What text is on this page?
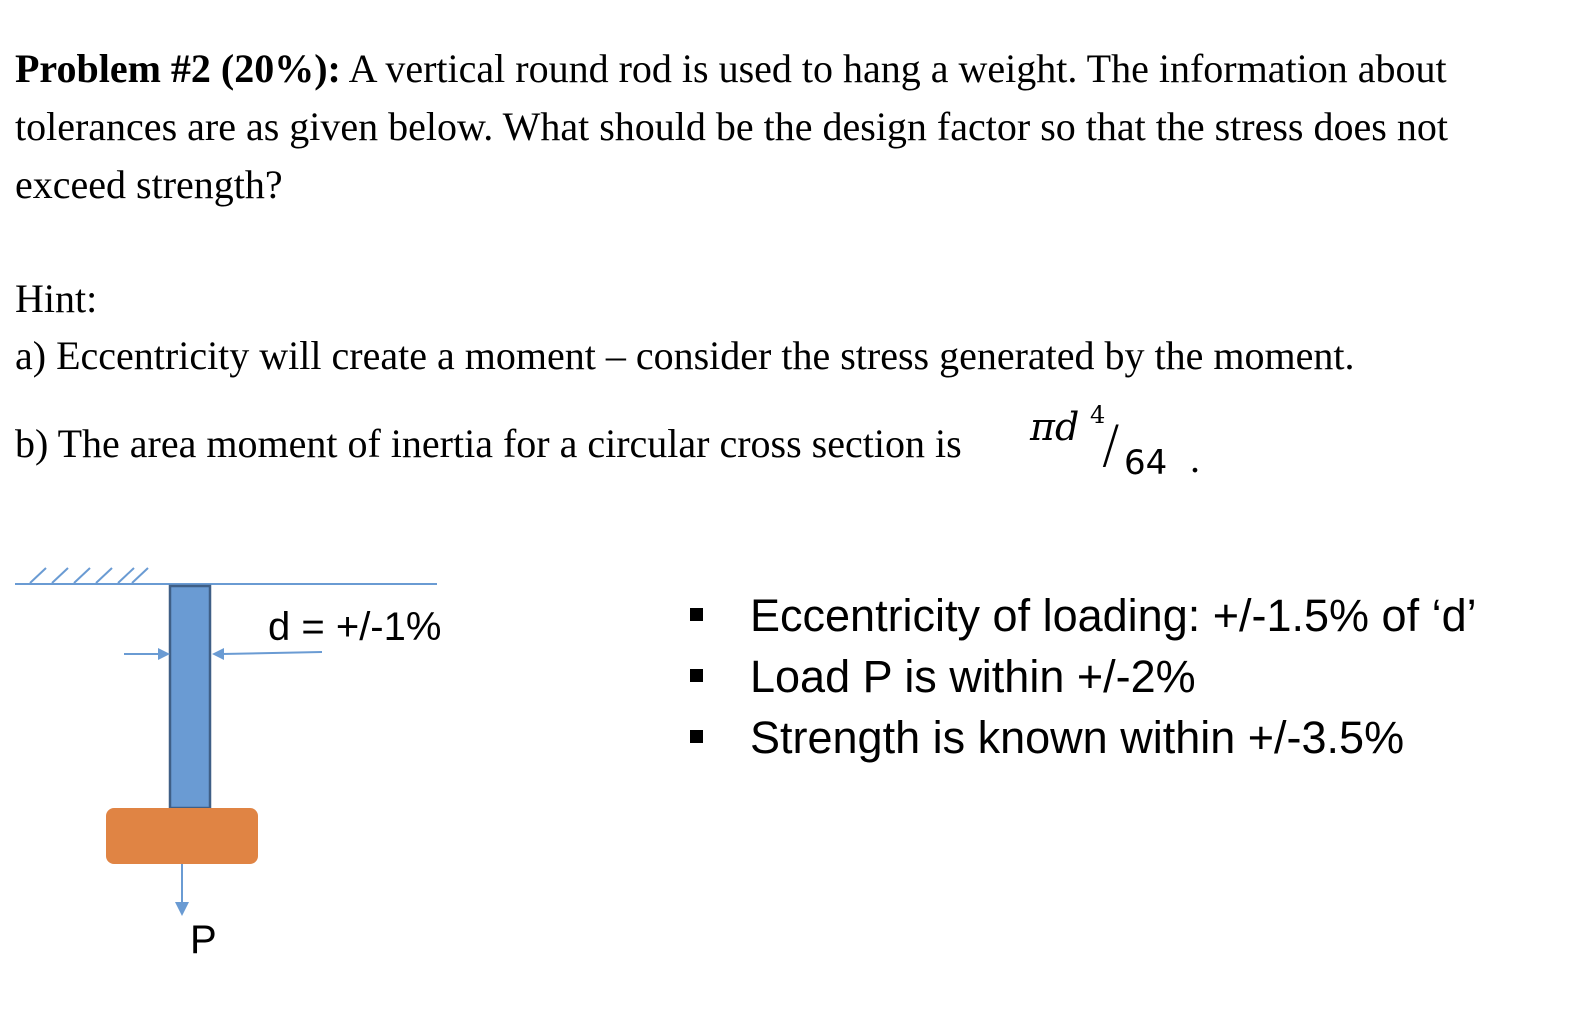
Problem #2 (20%): A vertical round rod is used to hang a weight. The information about tolerances are as given below. What should be the design factor so that the stress does not exceed strength?

Hint:

a) Eccentricity will create a moment – consider the stress generated by the moment.

b) The area moment of inertia for a circular cross section is πd 4
/ 64 .
d = +/-1%
P
Eccentricity of loading: +/-1.5% of ‘d’
Load P is within +/-2%
Strength is known within +/-3.5%
